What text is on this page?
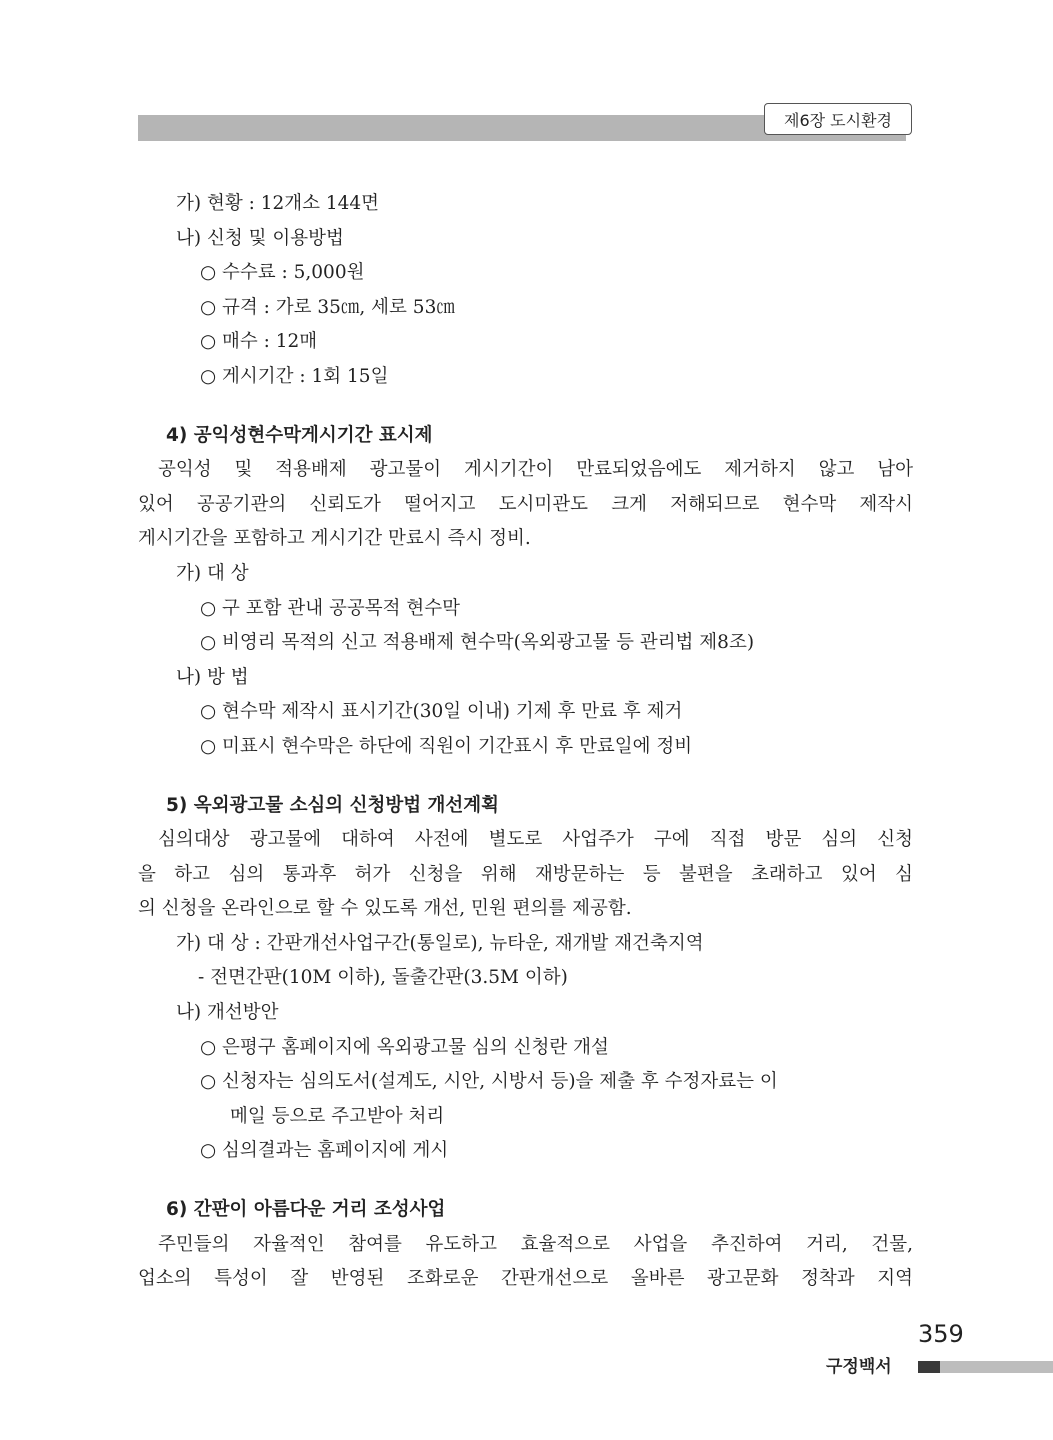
제6장 도시환경
가) 현황 : 12개소 144면
나) 신청 및 이용방법
○ 수수료 : 5,000원
○ 규격 : 가로 35㎝, 세로 53㎝
○ 매수 : 12매
○ 게시기간 : 1회 15일
4) 공익성현수막게시기간 표시제
공익성 및 적용배제 광고물이 게시기간이 만료되었음에도 제거하지 않고 남아
있어 공공기관의 신뢰도가 떨어지고 도시미관도 크게 저해되므로 현수막 제작시
게시기간을 포함하고 게시기간 만료시 즉시 정비.
가) 대 상
○ 구 포함 관내 공공목적 현수막
○ 비영리 목적의 신고 적용배제 현수막(옥외광고물 등 관리법 제8조)
나) 방 법
○ 현수막 제작시 표시기간(30일 이내) 기제 후 만료 후 제거
○ 미표시 현수막은 하단에 직원이 기간표시 후 만료일에 정비
5) 옥외광고물 소심의 신청방법 개선계획
심의대상 광고물에 대하여 사전에 별도로 사업주가 구에 직접 방문 심의 신청
을 하고 심의 통과후 허가 신청을 위해 재방문하는 등 불편을 초래하고 있어 심
의 신청을 온라인으로 할 수 있도록 개선, 민원 편의를 제공함.
가) 대 상 : 간판개선사업구간(통일로), 뉴타운, 재개발 재건축지역
- 전면간판(10M 이하), 돌출간판(3.5M 이하)
나) 개선방안
○ 은평구 홈페이지에 옥외광고물 심의 신청란 개설
○ 신청자는 심의도서(설계도, 시안, 시방서 등)을 제출 후 수정자료는 이
메일 등으로 주고받아 처리
○ 심의결과는 홈페이지에 게시
6) 간판이 아름다운 거리 조성사업
주민들의 자율적인 참여를 유도하고 효율적으로 사업을 추진하여 거리, 건물,
업소의 특성이 잘 반영된 조화로운 간판개선으로 올바른 광고문화 정착과 지역
359
구정백서
